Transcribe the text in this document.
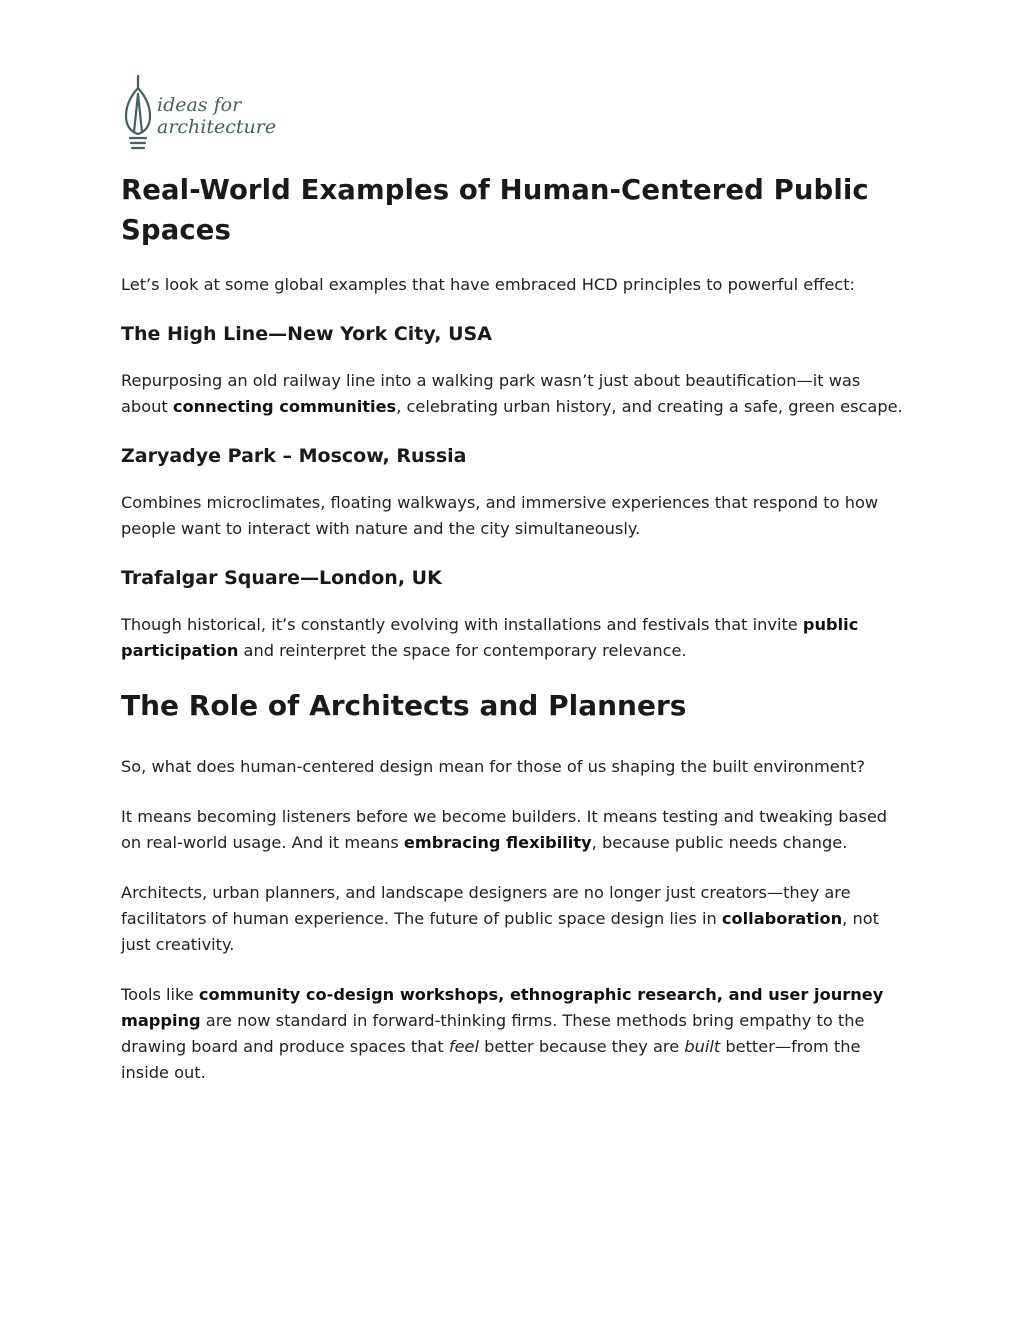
ideas for
architecture
Real-World Examples of Human-Centered Public Spaces

Let’s look at some global examples that have embraced HCD principles to powerful effect:

The High Line—New York City, USA

Repurposing an old railway line into a walking park wasn’t just about beautification—it was about connecting communities, celebrating urban history, and creating a safe, green escape.

Zaryadye Park – Moscow, Russia

Combines microclimates, floating walkways, and immersive experiences that respond to how people want to interact with nature and the city simultaneously.

Trafalgar Square—London, UK

Though historical, it’s constantly evolving with installations and festivals that invite public participation and reinterpret the space for contemporary relevance.

The Role of Architects and Planners

So, what does human-centered design mean for those of us shaping the built environment?

It means becoming listeners before we become builders. It means testing and tweaking based on real-world usage. And it means embracing flexibility, because public needs change.

Architects, urban planners, and landscape designers are no longer just creators—they are facilitators of human experience. The future of public space design lies in collaboration, not just creativity.

Tools like community co-design workshops, ethnographic research, and user journey mapping are now standard in forward-thinking firms. These methods bring empathy to the drawing board and produce spaces that feel better because they are built better—from the inside out.
